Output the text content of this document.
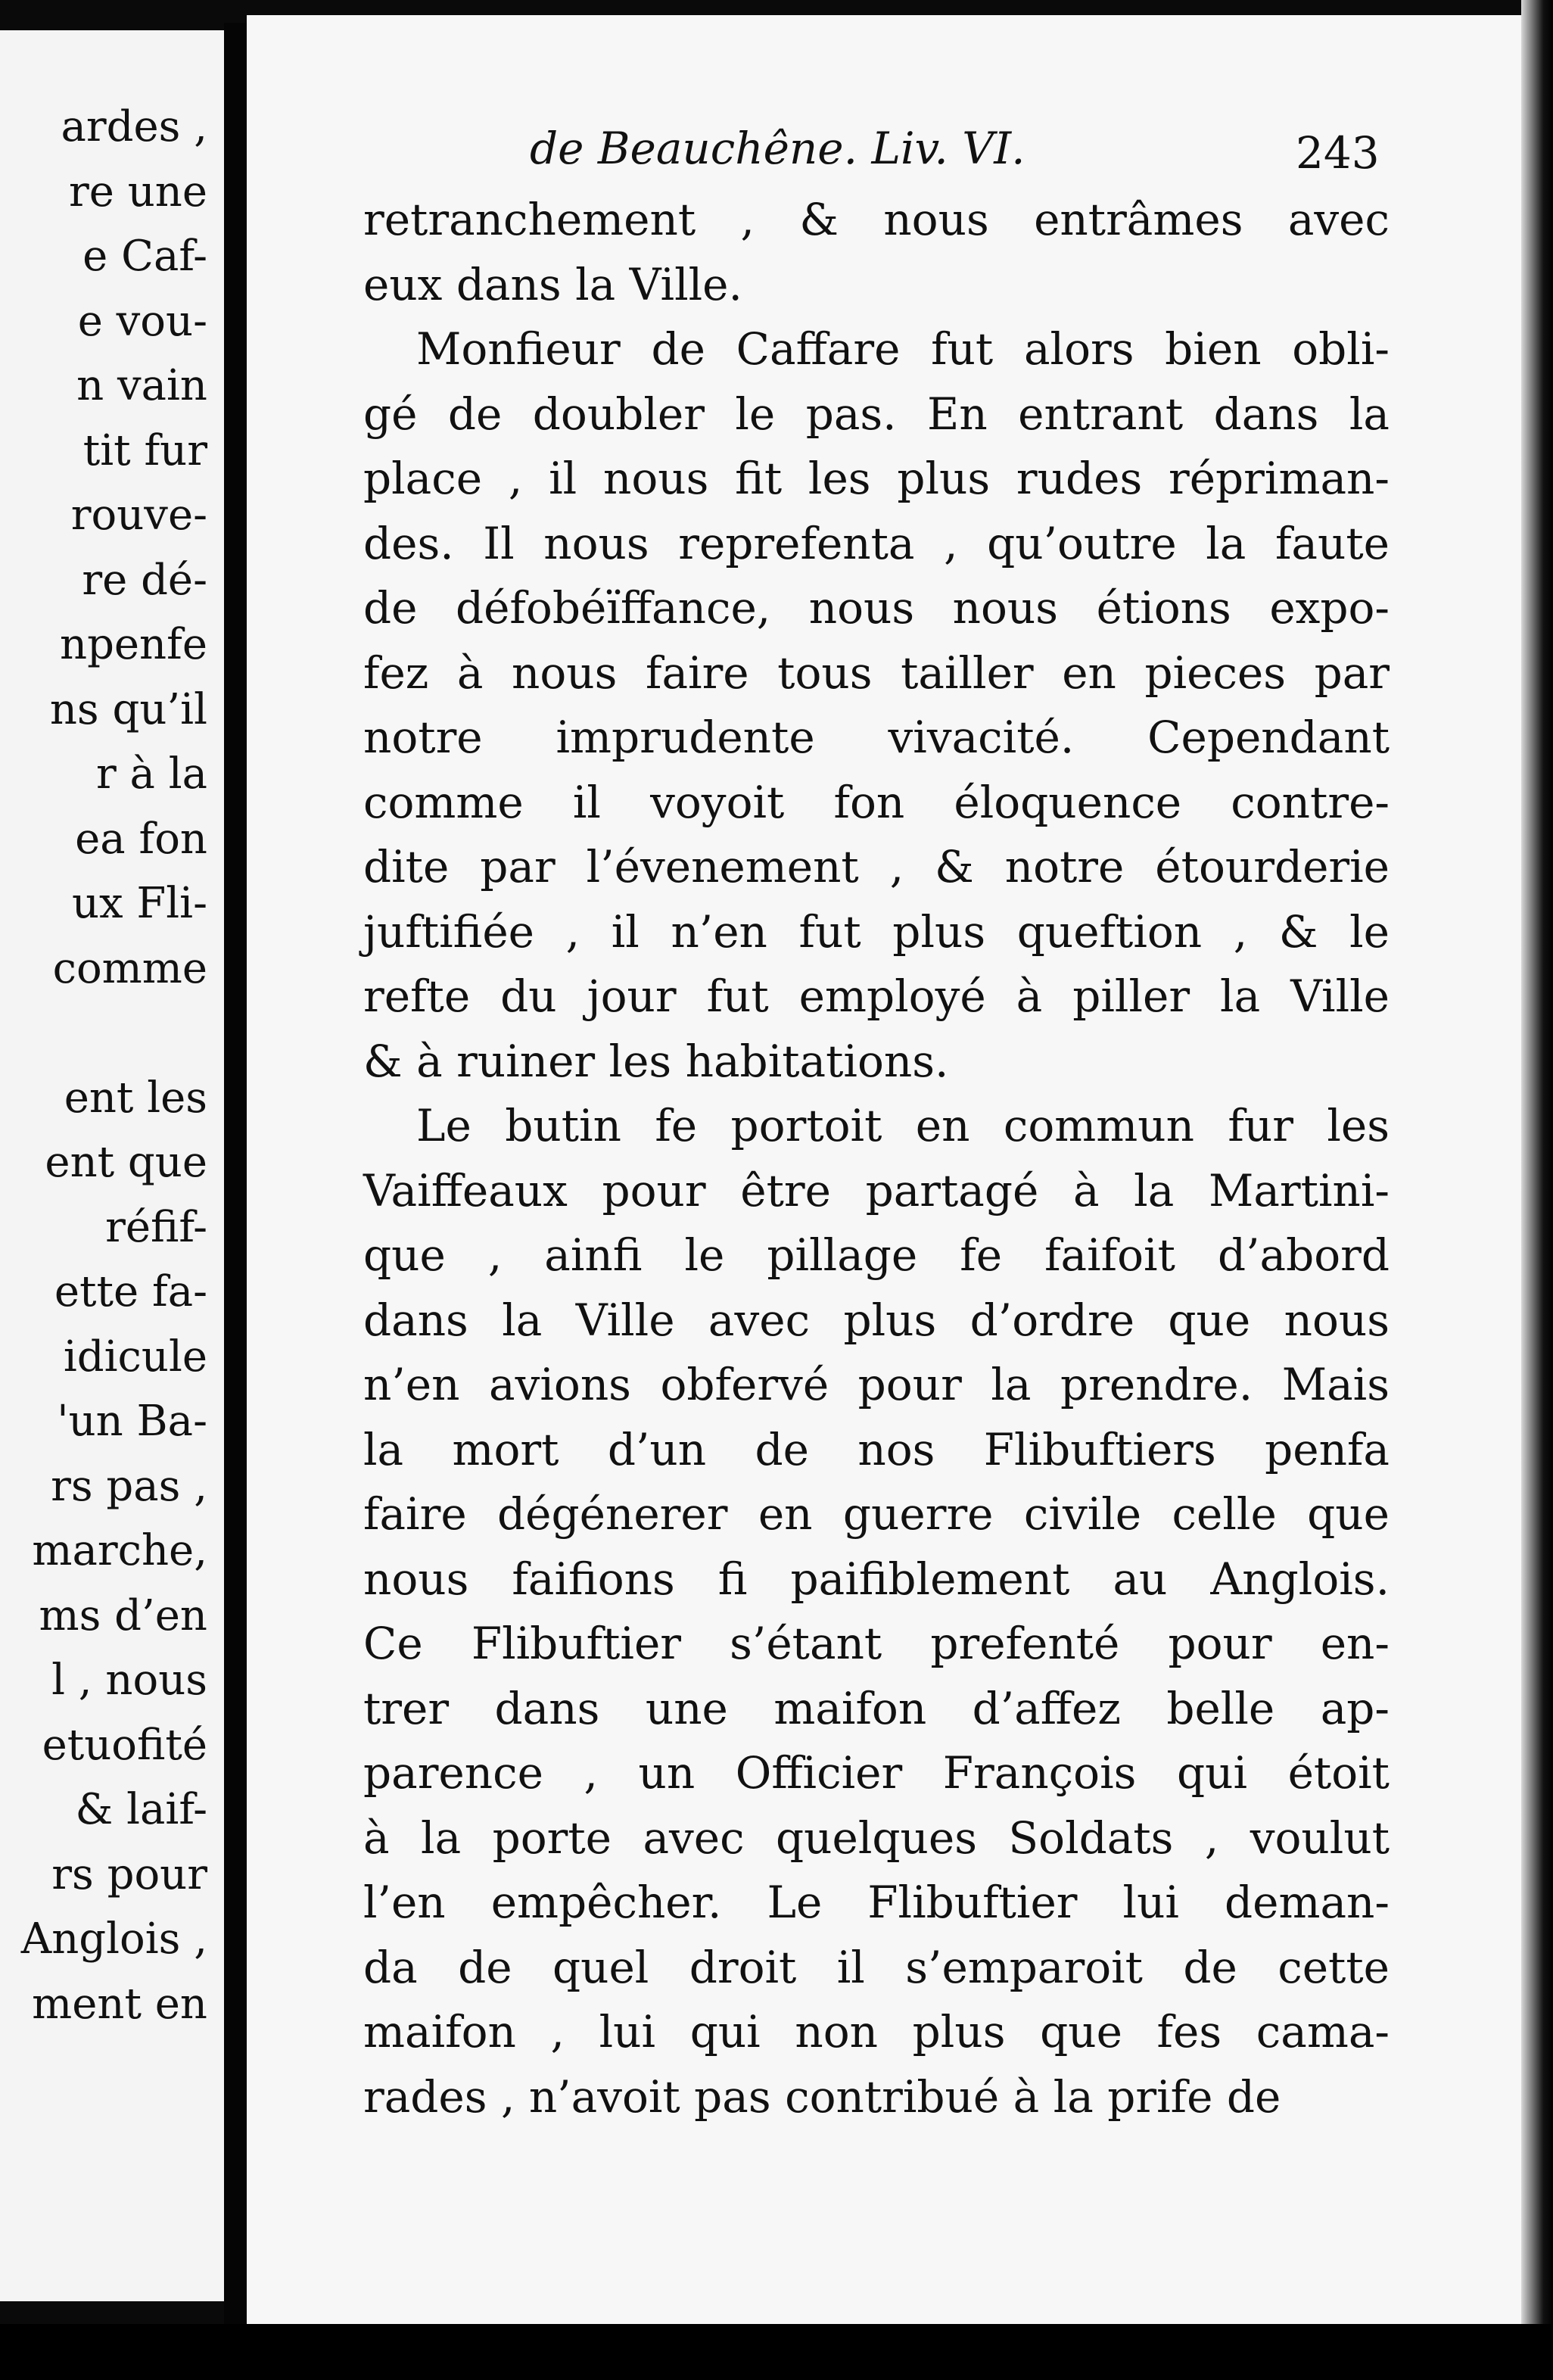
ardes ,
re une
e Caf-
e vou-
n vain
tit fur
rouve-
re dé-
npenfe
ns qu’il
r à la
ea fon
ux Fli-
comme
ent les
ent que
réfif-
ette fa-
idicule
'un Ba-
rs pas ,
marche,
ms d’en
l , nous
etuofité
& laif-
rs pour
Anglois ,
ment en
de Beauchêne. Liv. VI.	243
retranchement , & nous entrâmes avec
eux dans la Ville.
Monfieur de Caffare fut alors bien obli-
gé de doubler le pas. En entrant dans la
place , il nous fit les plus rudes répriman-
des. Il nous reprefenta , qu’outre la faute
de défobéïffance, nous nous étions expo-
fez à nous faire tous tailler en pieces par
notre imprudente vivacité. Cependant
comme il voyoit fon éloquence contre-
dite par l’évenement , & notre étourderie
juftifiée , il n’en fut plus queftion , & le
refte du jour fut employé à piller la Ville
& à ruiner les habitations.
Le butin fe portoit en commun fur les
Vaiffeaux pour être partagé à la Martini-
que , ainfi le pillage fe faifoit d’abord
dans la Ville avec plus d’ordre que nous
n’en avions obfervé pour la prendre. Mais
la mort d’un de nos Flibuftiers penfa
faire dégénerer en guerre civile celle que
nous faifions fi paifiblement au Anglois.
Ce Flibuftier s’étant prefenté pour en-
trer dans une maifon d’affez belle ap-
parence , un Officier François qui étoit
à la porte avec quelques Soldats , voulut
l’en empêcher. Le Flibuftier lui deman-
da de quel droit il s’emparoit de cette
maifon , lui qui non plus que fes cama-
rades , n’avoit pas contribué à la prife de
